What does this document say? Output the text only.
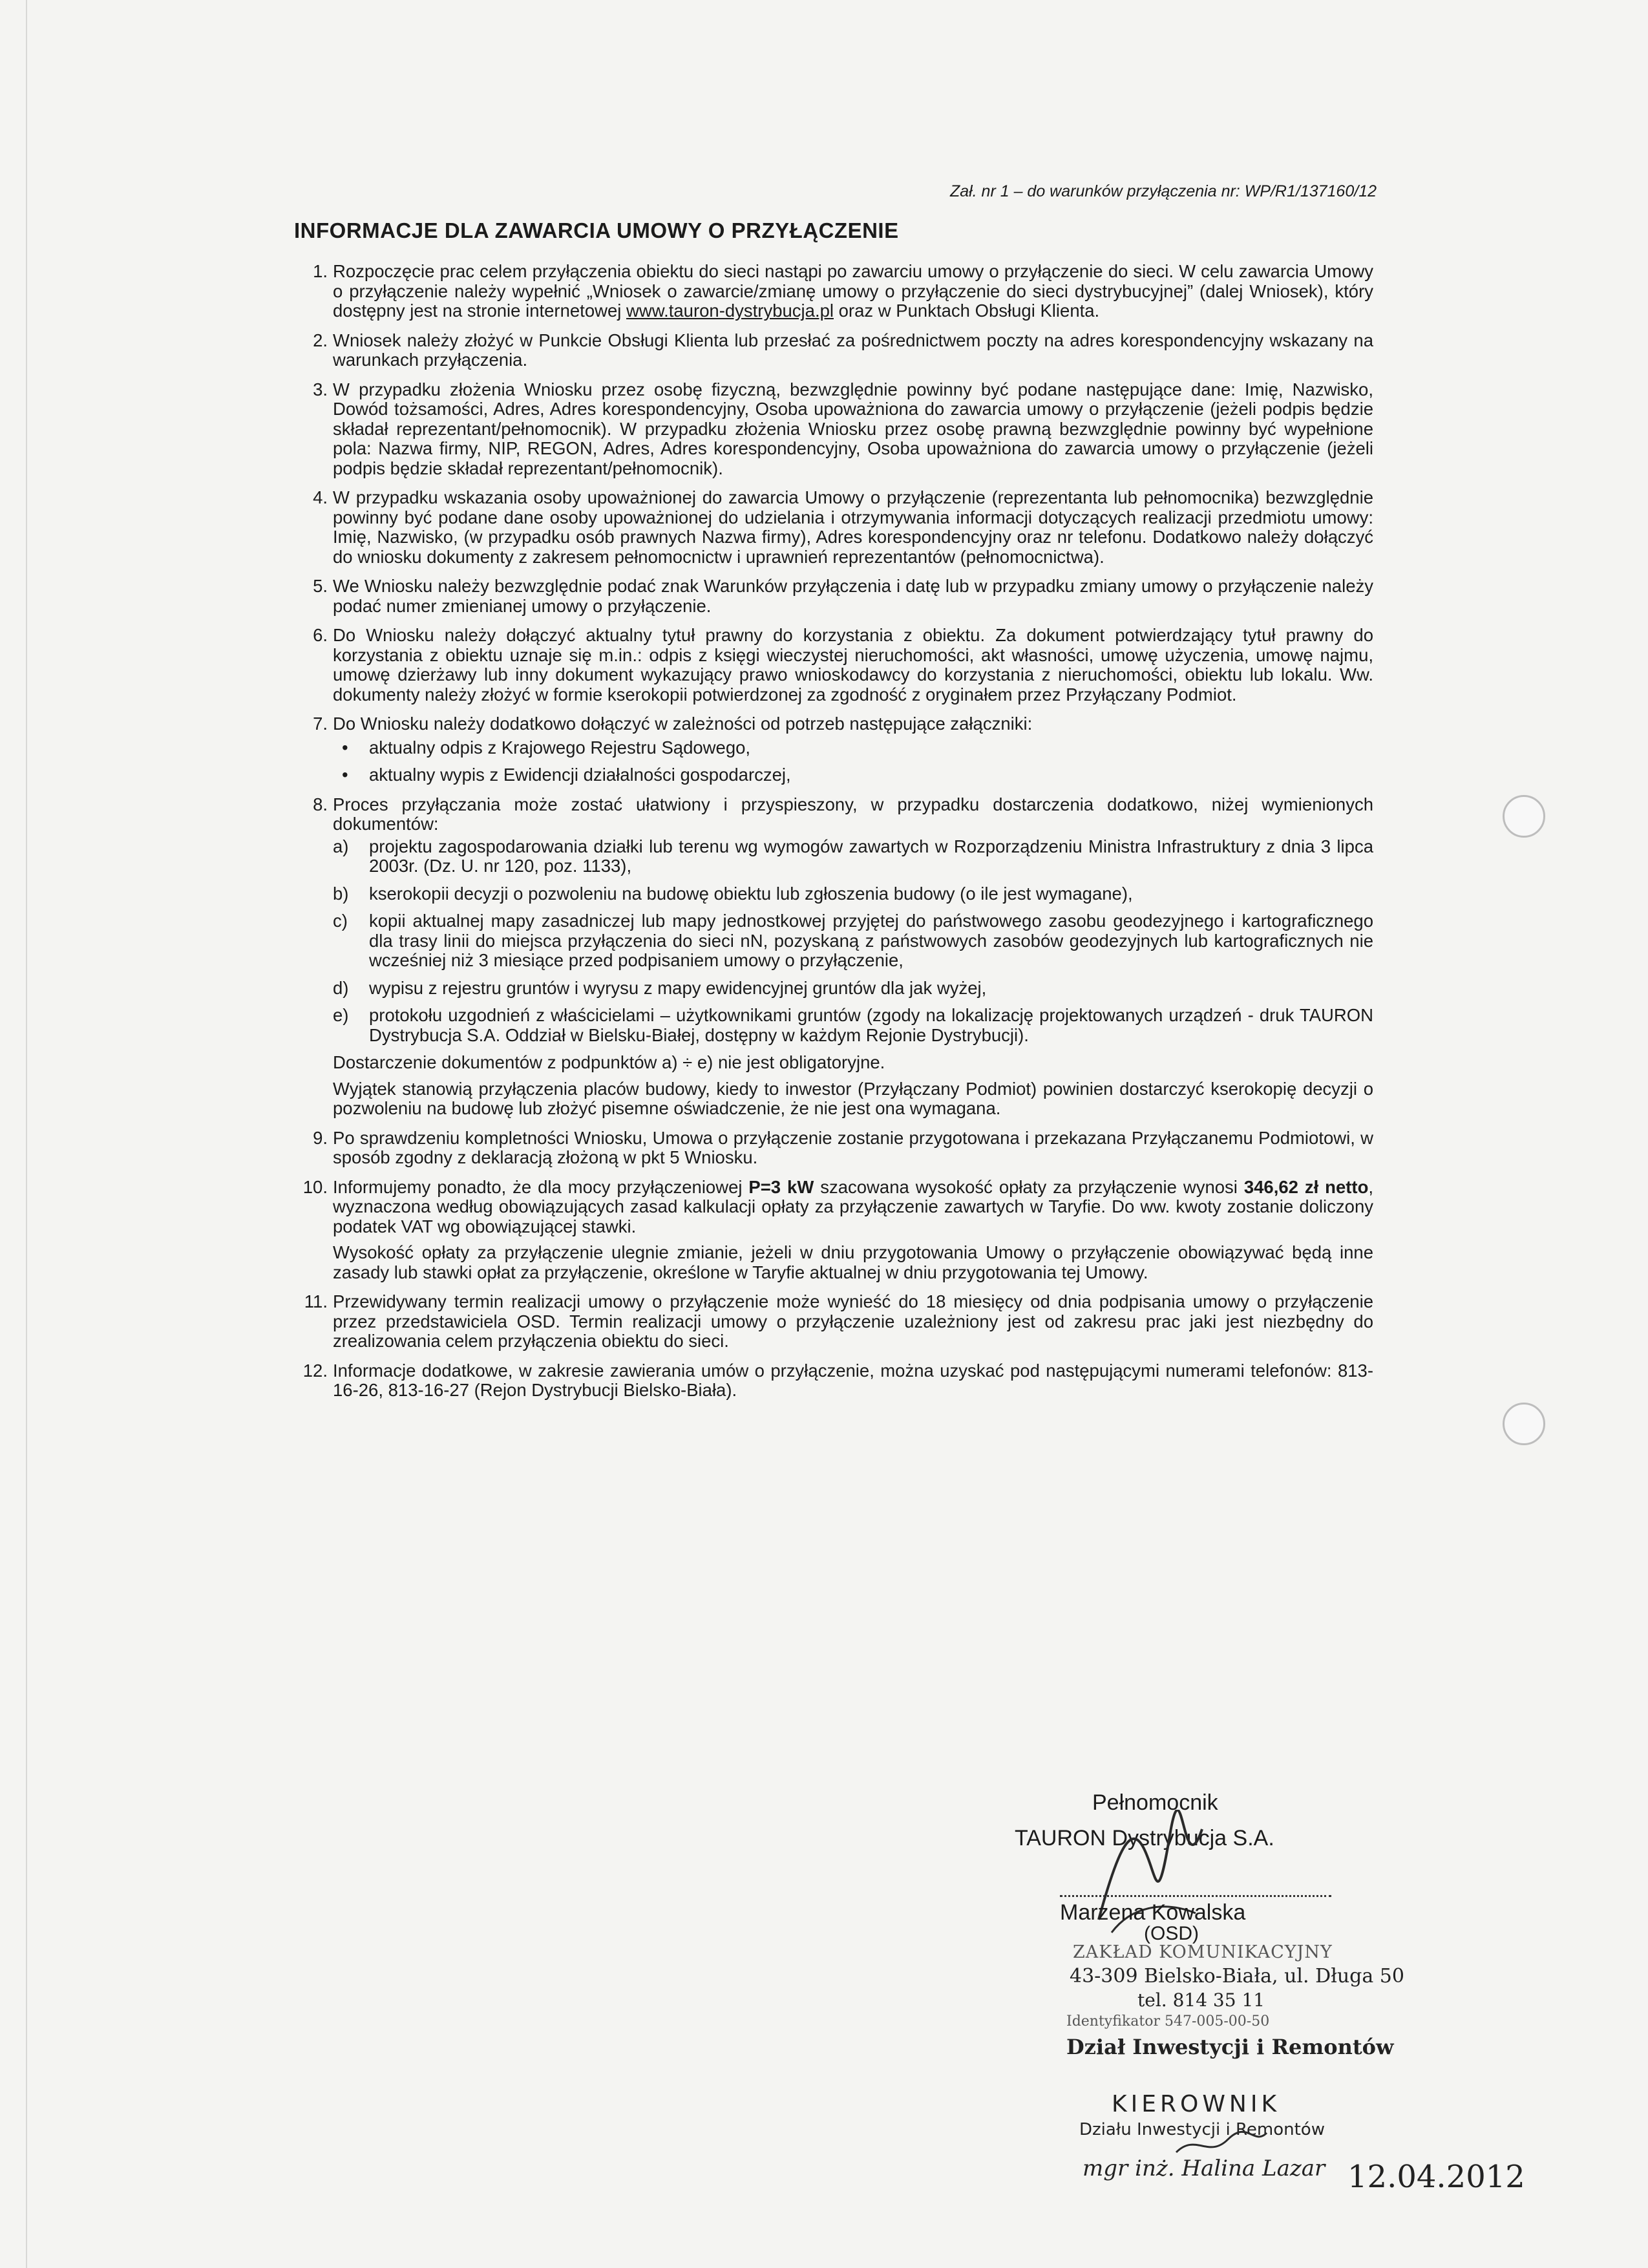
Zał. nr 1 – do warunków przyłączenia nr: WP/R1/137160/12
INFORMACJE DLA ZAWARCIA UMOWY O PRZYŁĄCZENIE
1. Rozpoczęcie prac celem przyłączenia obiektu do sieci nastąpi po zawarciu umowy o przyłączenie do sieci. W celu zawarcia Umowy o przyłączenie należy wypełnić „Wniosek o zawarcie/zmianę umowy o przyłączenie do sieci dystrybucyjnej” (dalej Wniosek), który dostępny jest na stronie internetowej www.tauron-dystrybucja.pl oraz w Punktach Obsługi Klienta.
2. Wniosek należy złożyć w Punkcie Obsługi Klienta lub przesłać za pośrednictwem poczty na adres korespondencyjny wskazany na warunkach przyłączenia.
3. W przypadku złożenia Wniosku przez osobę fizyczną, bezwzględnie powinny być podane następujące dane: Imię, Nazwisko, Dowód tożsamości, Adres, Adres korespondencyjny, Osoba upoważniona do zawarcia umowy o przyłączenie (jeżeli podpis będzie składał reprezentant/pełnomocnik). W przypadku złożenia Wniosku przez osobę prawną bezwzględnie powinny być wypełnione pola: Nazwa firmy, NIP, REGON, Adres, Adres korespondencyjny, Osoba upoważniona do zawarcia umowy o przyłączenie (jeżeli podpis będzie składał reprezentant/pełnomocnik).
4. W przypadku wskazania osoby upoważnionej do zawarcia Umowy o przyłączenie (reprezentanta lub pełnomocnika) bezwzględnie powinny być podane dane osoby upoważnionej do udzielania i otrzymywania informacji dotyczących realizacji przedmiotu umowy: Imię, Nazwisko, (w przypadku osób prawnych Nazwa firmy), Adres korespondencyjny oraz nr telefonu. Dodatkowo należy dołączyć do wniosku dokumenty z zakresem pełnomocnictw i uprawnień reprezentantów (pełnomocnictwa).
5. We Wniosku należy bezwzględnie podać znak Warunków przyłączenia i datę lub w przypadku zmiany umowy o przyłączenie należy podać numer zmienianej umowy o przyłączenie.
6. Do Wniosku należy dołączyć aktualny tytuł prawny do korzystania z obiektu. Za dokument potwierdzający tytuł prawny do korzystania z obiektu uznaje się m.in.: odpis z księgi wieczystej nieruchomości, akt własności, umowę użyczenia, umowę najmu, umowę dzierżawy lub inny dokument wykazujący prawo wnioskodawcy do korzystania z nieruchomości, obiektu lub lokalu. Ww. dokumenty należy złożyć w formie kserokopii potwierdzonej za zgodność z oryginałem przez Przyłączany Podmiot.
7. Do Wniosku należy dodatkowo dołączyć w zależności od potrzeb następujące załączniki:
• aktualny odpis z Krajowego Rejestru Sądowego,
• aktualny wypis z Ewidencji działalności gospodarczej,
8. Proces przyłączania może zostać ułatwiony i przyspieszony, w przypadku dostarczenia dodatkowo, niżej wymienionych dokumentów:
a) projektu zagospodarowania działki lub terenu wg wymogów zawartych w Rozporządzeniu Ministra Infrastruktury z dnia 3 lipca 2003r. (Dz. U. nr 120, poz. 1133),
b) kserokopii decyzji o pozwoleniu na budowę obiektu lub zgłoszenia budowy (o ile jest wymagane),
c) kopii aktualnej mapy zasadniczej lub mapy jednostkowej przyjętej do państwowego zasobu geodezyjnego i kartograficznego dla trasy linii do miejsca przyłączenia do sieci nN, pozyskaną z państwowych zasobów geodezyjnych lub kartograficznych nie wcześniej niż 3 miesiące przed podpisaniem umowy o przyłączenie,
d) wypisu z rejestru gruntów i wyrysu z mapy ewidencyjnej gruntów dla jak wyżej,
e) protokołu uzgodnień z właścicielami – użytkownikami gruntów (zgody na lokalizację projektowanych urządzeń - druk TAURON Dystrybucja S.A. Oddział w Bielsku-Białej, dostępny w każdym Rejonie Dystrybucji).

Dostarczenie dokumentów z podpunktów a) ÷ e) nie jest obligatoryjne.

Wyjątek stanowią przyłączenia placów budowy, kiedy to inwestor (Przyłączany Podmiot) powinien dostarczyć kserokopię decyzji o pozwoleniu na budowę lub złożyć pisemne oświadczenie, że nie jest ona wymagana.

9. Po sprawdzeniu kompletności Wniosku, Umowa o przyłączenie zostanie przygotowana i przekazana Przyłączanemu Podmiotowi, w sposób zgodny z deklaracją złożoną w pkt 5 Wniosku.
10. Informujemy ponadto, że dla mocy przyłączeniowej P=3 kW szacowana wysokość opłaty za przyłączenie wynosi 346,62 zł netto, wyznaczona według obowiązujących zasad kalkulacji opłaty za przyłączenie zawartych w Taryfie. Do ww. kwoty zostanie doliczony podatek VAT wg obowiązującej stawki.

Wysokość opłaty za przyłączenie ulegnie zmianie, jeżeli w dniu przygotowania Umowy o przyłączenie obowiązywać będą inne zasady lub stawki opłat za przyłączenie, określone w Taryfie aktualnej w dniu przygotowania tej Umowy.

11. Przewidywany termin realizacji umowy o przyłączenie może wynieść do 18 miesięcy od dnia podpisania umowy o przyłączenie przez przedstawiciela OSD. Termin realizacji umowy o przyłączenie uzależniony jest od zakresu prac jaki jest niezbędny do zrealizowania celem przyłączenia obiektu do sieci.
12. Informacje dodatkowe, w zakresie zawierania umów o przyłączenie, można uzyskać pod następującymi numerami telefonów: 813-16-26, 813-16-27 (Rejon Dystrybucji Bielsko-Biała).
Pełnomocnik
TAURON Dystrybucja S.A.
Marzena Kowalska
(OSD)
ZAKŁAD KOMUNIKACYJNY
43-309 Bielsko-Biała, ul. Długa 50
tel. 814 35 11
Identyfikator 547-005-00-50
Dział Inwestycji i Remontów
KIEROWNIK
Działu Inwestycji i Remontów
mgr inż. Halina Lazar 12.04.2012
